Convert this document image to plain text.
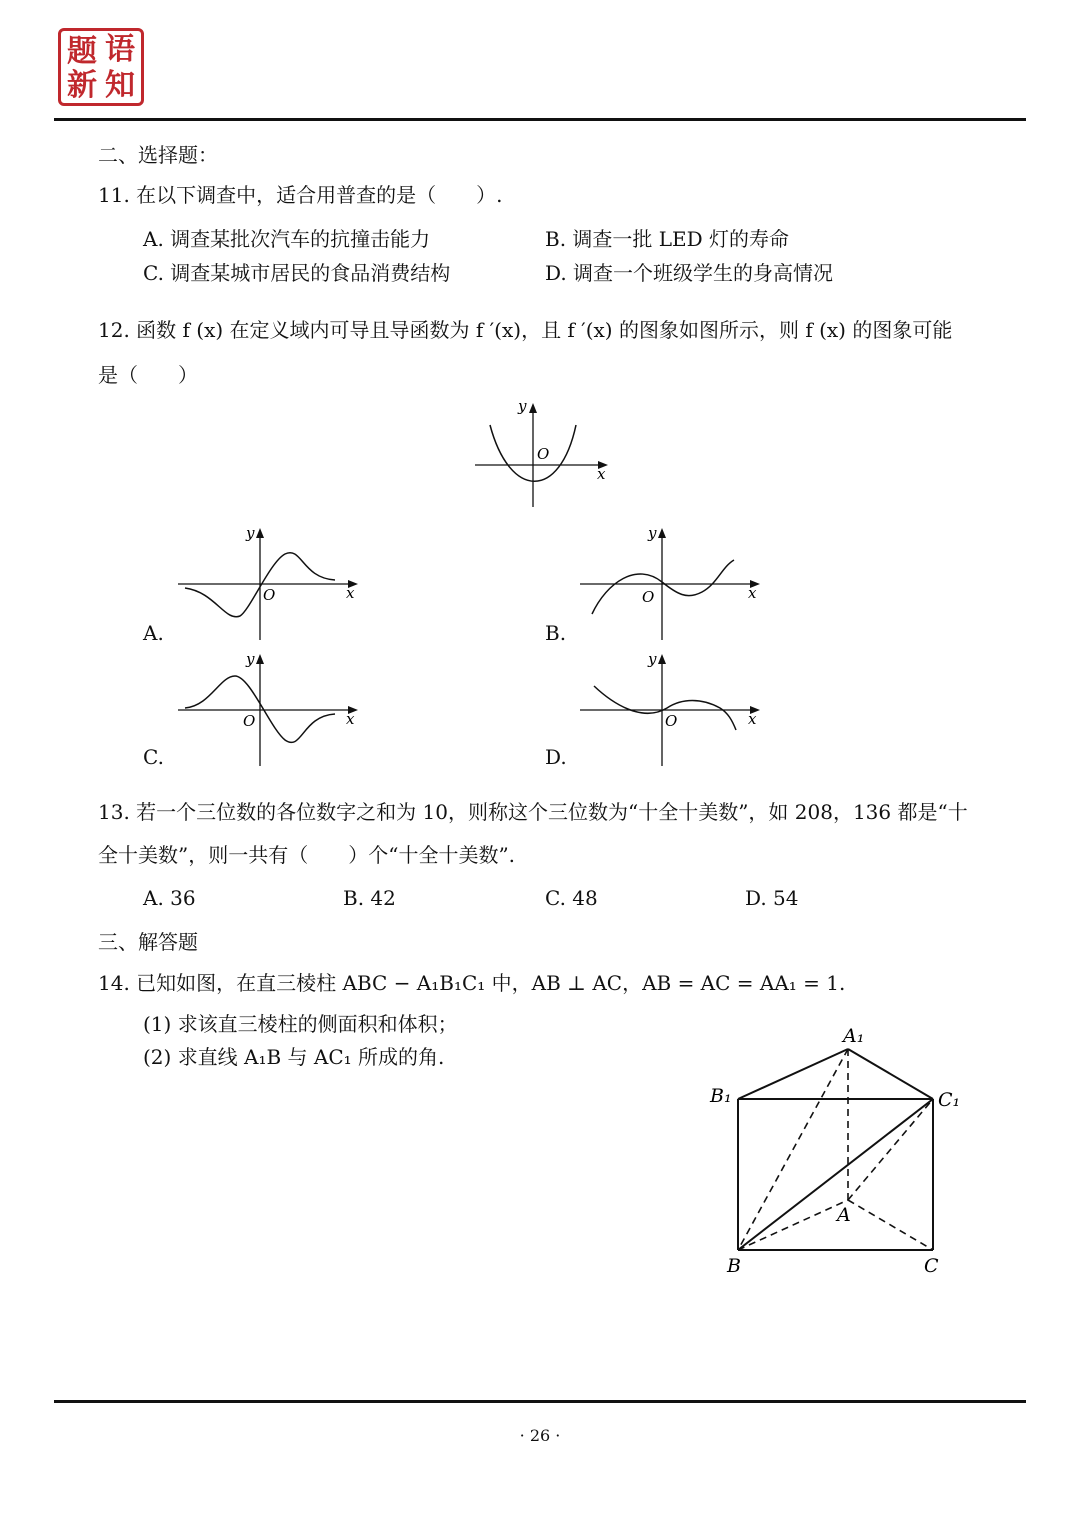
题 语
新 知
二、选择题：
11. 在以下调查中，适合用普查的是（　　）.
A. 调查某批次汽车的抗撞击能力	B. 调查一批 LED 灯的寿命
C. 调查某城市居民的食品消费结构	D. 调查一个班级学生的身高情况
12. 函数 f (x) 在定义域内可导且导函数为 f ′(x)，且 f ′(x) 的图象如图所示，则 f (x) 的图象可能
是（　　）
y
O
x
A.
y
O	x
B.
y
O	x
C.
y
O	x
D.
y
O	x
13. 若一个三位数的各位数字之和为 10，则称这个三位数为“十全十美数”，如 208，136 都是“十
全十美数”，则一共有（　　）个“十全十美数”.
A. 36	B. 42	C. 48	D. 54
三、解答题
14. 已知如图，在直三棱柱 ABC − A₁B₁C₁ 中，AB ⊥ AC，AB = AC = AA₁ = 1.
(1) 求该直三棱柱的侧面积和体积；
(2) 求直线 A₁B 与 AC₁ 所成的角.
A₁
B₁	C₁
A
B	C
· 26 ·
